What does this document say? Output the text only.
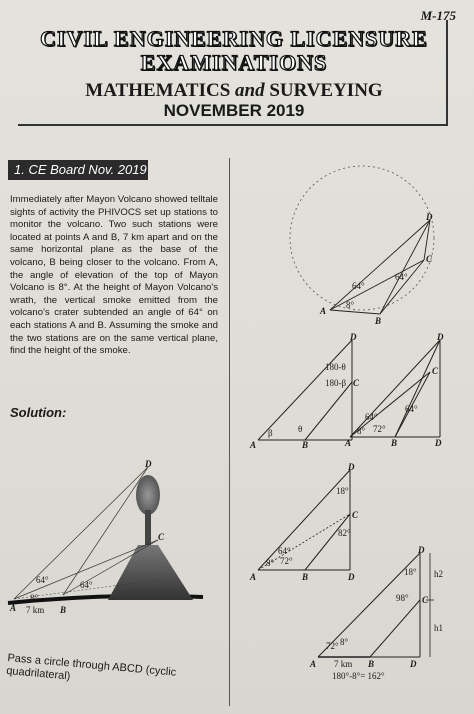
M-175
CIVIL ENGINEERING LICENSURE
EXAMINATIONS
MATHEMATICS and SURVEYING
NOVEMBER 2019
1. CE Board Nov. 2019
Immediately after Mayon Volcano showed telltale sights of activity the PHIVOCS set up stations to monitor the volcano. Two such stations were located at points A and B, 7 km apart and on the same horizontal plane as the base of the volcano, B being closer to the volcano. From A, the angle of elevation of the top of Mayon Volcano is 8°. At the height of Mayon Volcano's wrath, the vertical smoke emitted from the volcano's crater subtended an angle of 64° on each stations A and B. Assuming the smoke and the two stations are on the same vertical plane, find the height of the smoke.
Solution:
D
C
64°	64°
8°
A 7 km B
Pass a circle through ABCD (cyclic quadrilateral)
D
C
A
B
64°
64°
8°
D
C
A	B
180-θ
180-β
β	θ
D
C
A	B	D
64°
64°
8° 72°
D
C
A	B	D
18°
82°
64°
72°
8°
D
C
A	B	D
18°
98°
72° 8°
7 km
h2
h1
180°-8°= 162°
